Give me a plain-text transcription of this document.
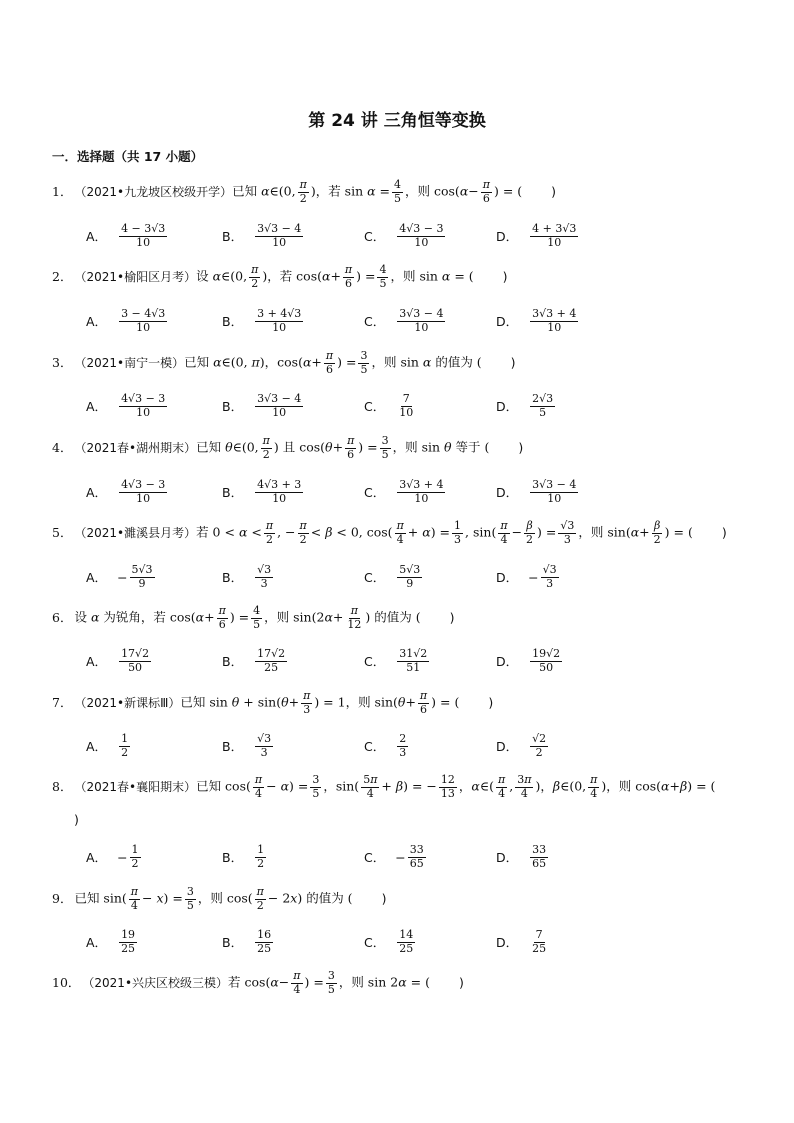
第 24 讲 三角恒等变换
一．选择题（共 17 小题）
1． （2021•九龙坡区校级开学） 已知 α∈(0, $\frac{\pi}{2}$ )，若 $\sin \alpha = \frac{4}{5}$ ，则 $\cos(\alpha- \frac{\pi}{6}$ ) = ( 　　)
A． $\frac{4 - 3√3}{10}$	B． $\frac{3√3 - 4}{10}$	C． $\frac{4√3 - 3}{10}$	D． $\frac{4 + 3√3}{10}$
2． （2021•榆阳区月考） 设 α∈(0, $\frac{\pi}{2}$ )，若 $\cos(\alpha+ \frac{\pi}{6}$ ) = $\frac{4}{5}$ ，则 sin α = ( 　　)
A． $\frac{3 - 4√3}{10}$	B． $\frac{3 + 4√3}{10}$	C． $\frac{3√3 - 4}{10}$	D． $\frac{3√3 + 4}{10}$
3． （2021•南宁一模） 已知 α∈(0, π)，$\cos(\alpha+ \frac{\pi}{6}$ ) = $\frac{3}{5}$ ，则 sin α 的值为 ( 　　)
A． $\frac{4√3 - 3}{10}$	B． $\frac{3√3 - 4}{10}$	C． $\frac{7}{10}$	D． $\frac{2√3}{5}$
4． （2021春•湖州期末） 已知 θ∈(0, $\frac{\pi}{2}$ ) 且 $\cos(\theta+ \frac{\pi}{6}$ ) = $\frac{3}{5}$ ，则 sin θ 等于 ( 　　)
A． $\frac{4√3 - 3}{10}$	B． $\frac{4√3 + 3}{10}$	C． $\frac{3√3 + 4}{10}$	D． $\frac{3√3 - 4}{10}$
5． （2021•濉溪县月考） 若 $0 < \alpha < \frac{\pi}{2}$ , − $\frac{\pi}{2} < \beta < 0$, $\cos( \frac{\pi}{4} + \alpha) = \frac{1}{3}$ , $\sin( \frac{\pi}{4} - \frac{\beta}{2}$ ) = $\frac{√3}{3}$ ，则 $\sin(\alpha+ \frac{\beta}{2}$ ) = ( 　　)
A． − $\frac{5√3}{9}$	B． $\frac{√3}{3}$	C． $\frac{5√3}{9}$	D． − $\frac{√3}{3}$
6． 设 α 为锐角，若 $\cos(\alpha+ \frac{\pi}{6}$ ) = $\frac{4}{5}$ ，则 $\sin(2\alpha+ \frac{\pi}{12}$ ) 的值为 ( 　　)
A． $\frac{17√2}{50}$	B． $\frac{17√2}{25}$	C． $\frac{31√2}{51}$	D． $\frac{19√2}{50}$
7． （2021•新课标Ⅲ） 已知 $\sin \theta + \sin(\theta+ \frac{\pi}{3}$ ) = 1，则 $\sin(\theta+ \frac{\pi}{6}$ ) = ( 　　)
A． $\frac{1}{2}$	B． $\frac{√3}{3}$	C． $\frac{2}{3}$	D． $\frac{√2}{2}$
8． （2021春•襄阳期末） 已知 $\cos( \frac{\pi}{4} - \alpha) = \frac{3}{5}$ ，$\sin( \frac{5\pi}{4} + \beta)$ = − $\frac{12}{13}$ ，α∈( $\frac{\pi}{4}$ , $\frac{3\pi}{4}$ )，β∈(0, $\frac{\pi}{4}$ )，则 cos(α+β) = (
)
A． − $\frac{1}{2}$	B． $\frac{1}{2}$	C． − $\frac{33}{65}$	D． $\frac{33}{65}$
9． 已知 $\sin( \frac{\pi}{4} - x) = \frac{3}{5}$ ，则 $\cos( \frac{\pi}{2} - 2x)$ 的值为 ( 　　)
A． $\frac{19}{25}$	B． $\frac{16}{25}$	C． $\frac{14}{25}$	D． $\frac{7}{25}$
10． （2021•兴庆区校级三模） 若 $\cos(\alpha- \frac{\pi}{4}$ ) = $\frac{3}{5}$ ，则 sin 2α = ( 　　)
